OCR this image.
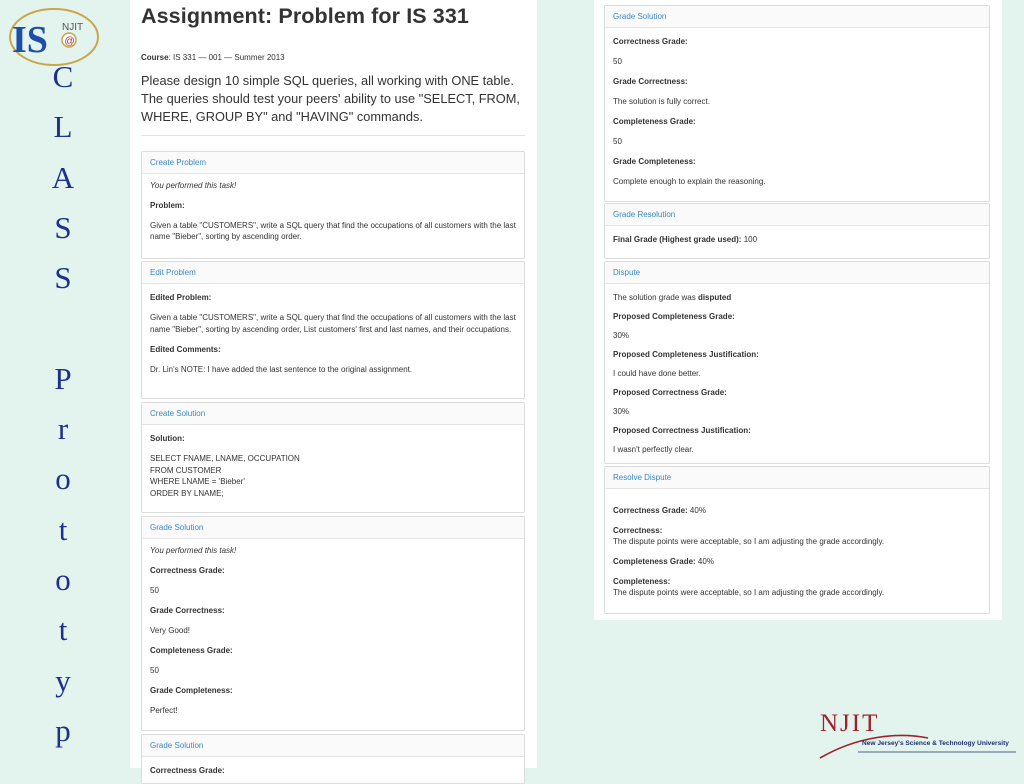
IS NJIT
@
C
L
A
S
S
P
r
o
t
o
t
y
p
Assignment: Problem for IS 331
Course: IS 331 — 001 — Summer 2013

Please design 10 simple SQL queries, all working with ONE table. The queries should test your peers' ability to use "SELECT, FROM, WHERE, GROUP BY" and "HAVING" commands.

Create Problem

You performed this task!

Problem:

Given a table "CUSTOMERS", write a SQL query that find the occupations of all customers with the last name "Bieber", sorting by ascending order.

Edit Problem

Edited Problem:

Given a table "CUSTOMERS", write a SQL query that find the occupations of all customers with the last name "Bieber", sorting by ascending order, List customers' first and last names, and their occupations.

Edited Comments:

Dr. Lin's NOTE: I have added the last sentence to the original assignment.

Create Solution

Solution:

SELECT FNAME, LNAME, OCCUPATION

FROM CUSTOMER

WHERE LNAME = 'Bieber'

ORDER BY LNAME;

Grade Solution

You performed this task!

Correctness Grade:

50

Grade Correctness:

Very Good!

Completeness Grade:

50

Grade Completeness:

Perfect!

Grade Solution

Correctness Grade:

Grade Solution

Correctness Grade:

50

Grade Correctness:

The solution is fully correct.

Completeness Grade:

50

Grade Completeness:

Complete enough to explain the reasoning.

Grade Resolution

Final Grade (Highest grade used): 100

Dispute

The solution grade was disputed

Proposed Completeness Grade:

30%

Proposed Completeness Justification:

I could have done better.

Proposed Correctness Grade:

30%

Proposed Correctness Justification:

I wasn't perfectly clear.

Resolve Dispute

Correctness Grade: 40%

Correctness:

The dispute points were acceptable, so I am adjusting the grade accordingly.

Completeness Grade: 40%

Completeness:

The dispute points were acceptable, so I am adjusting the grade accordingly.

NJIT
New Jersey's Science & Technology University
